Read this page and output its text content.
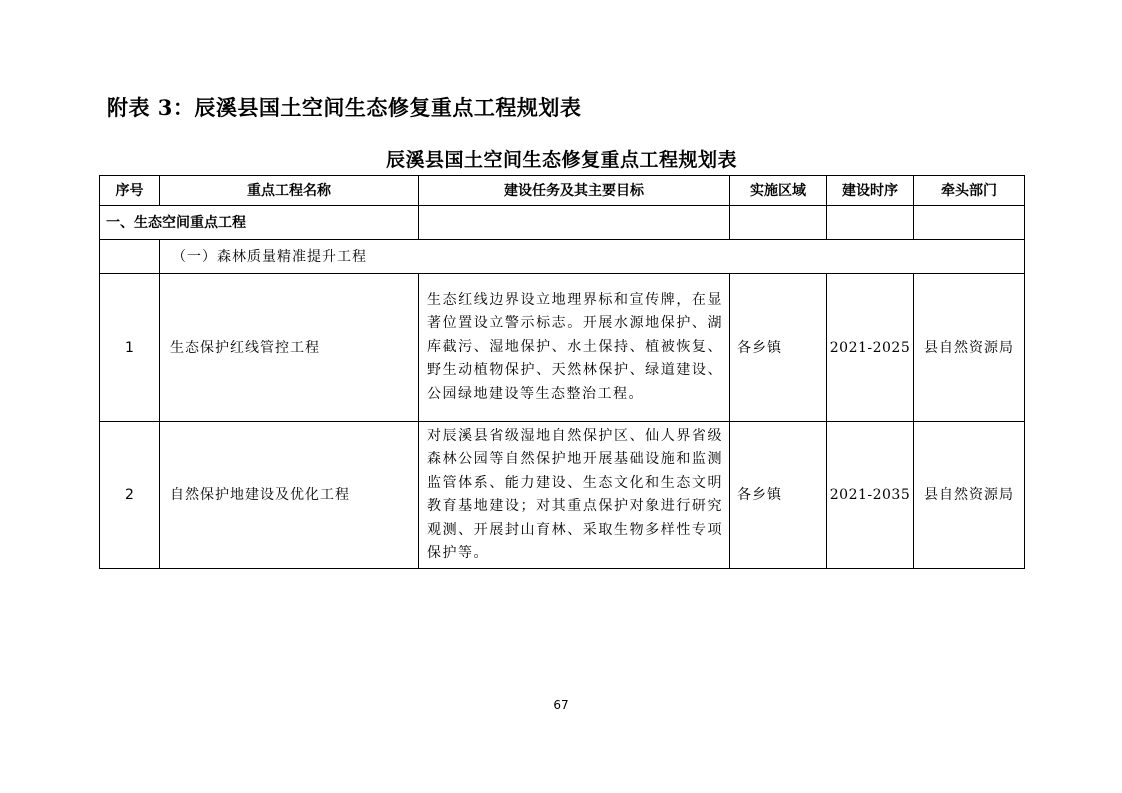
附表 3：辰溪县国土空间生态修复重点工程规划表
辰溪县国土空间生态修复重点工程规划表
序号	重点工程名称	建设任务及其主要目标	实施区域	建设时序	牵头部门
一、生态空间重点工程					
	（一）森林质量精准提升工程				
1	生态保护红线管控工程	生态红线边界设立地理界标和宣传牌，在显著位置设立警示标志。开展水源地保护、湖库截污、湿地保护、水土保持、植被恢复、野生动植物保护、天然林保护、绿道建设、公园绿地建设等生态整治工程。	各乡镇	2021-2025	县自然资源局
2	自然保护地建设及优化工程	对辰溪县省级湿地自然保护区、仙人界省级森林公园等自然保护地开展基础设施和监测监管体系、能力建设、生态文化和生态文明教育基地建设；对其重点保护对象进行研究观测、开展封山育林、采取生物多样性专项保护等。	各乡镇	2021-2035	县自然资源局
67
